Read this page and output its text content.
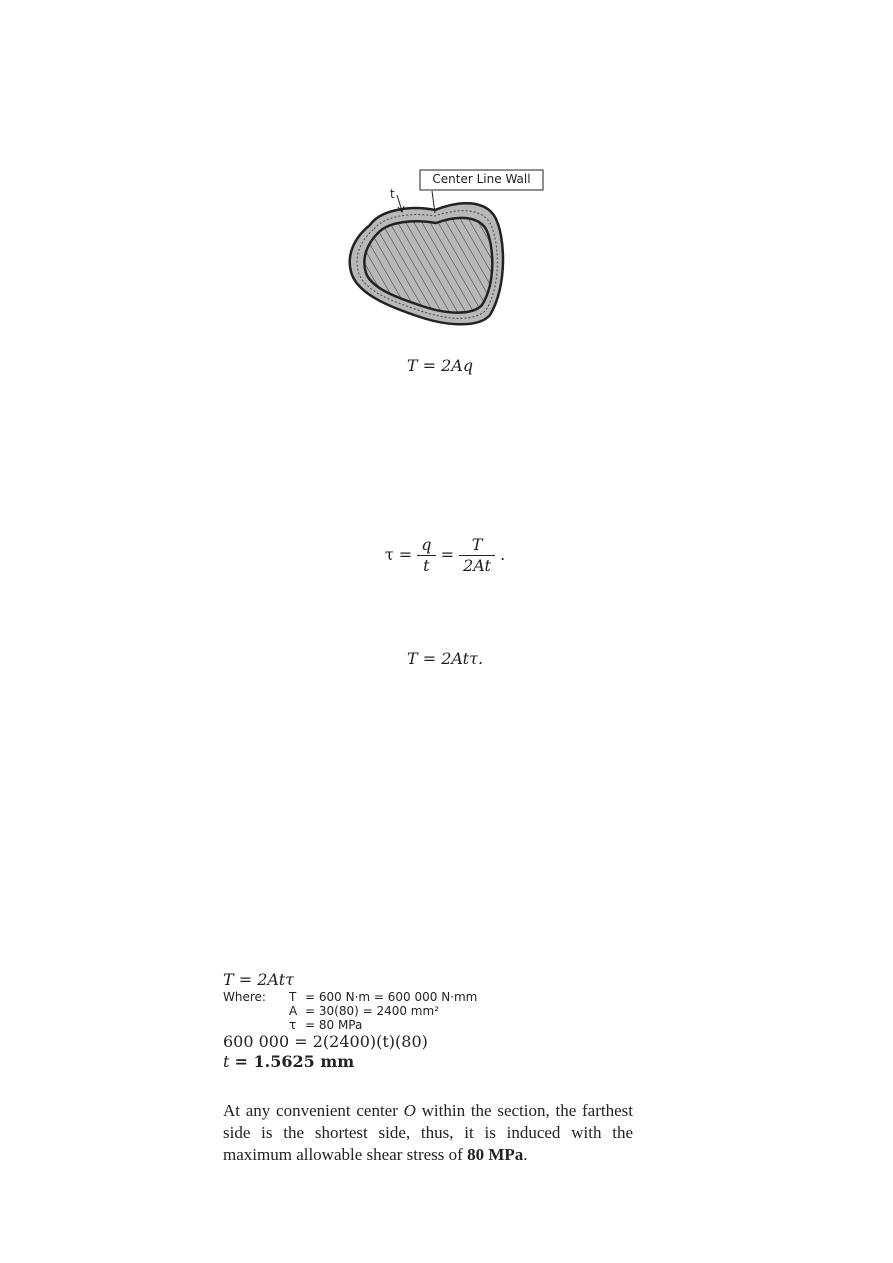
t
Center Line Wall
T = 2Aq
$\tau = \frac{q}{t} = \frac{T}{2At}$ .
T = 2Atτ.
T = 2Atτ
Where:	T = 600 N·m = 600 000 N·mm
A = 30(80) = 2400 mm²
τ = 80 MPa
600 000 = 2(2400)(t)(80)
t = 1.5625 mm
At any convenient center O within the section, the farthest side is the shortest side, thus, it is induced with the maximum allowable shear stress of 80 MPa.
